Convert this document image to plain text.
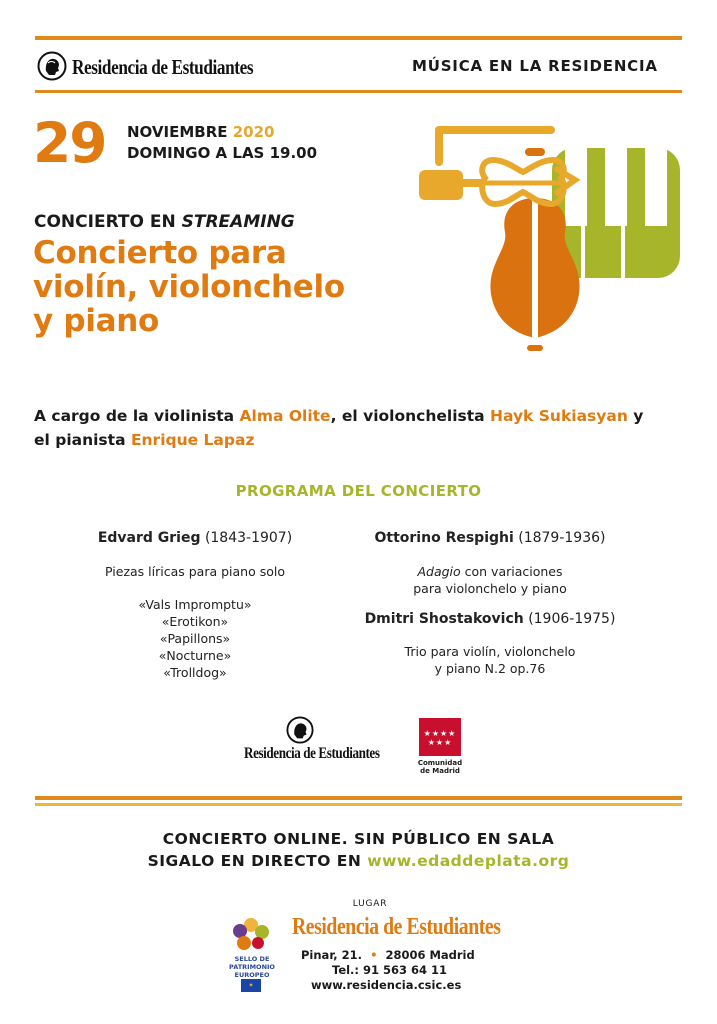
Residencia de Estudiantes	MÚSICA EN LA RESIDENCIA
29 NOVIEMBRE 2020
DOMINGO A LAS 19.00
CONCIERTO EN STREAMING
Concierto para
violín, violonchelo
y piano
A cargo de la violinista Alma Olite, el violonchelista Hayk Sukiasyan y
el pianista Enrique Lapaz
PROGRAMA DEL CONCIERTO
Edvard Grieg (1843-1907)
Piezas líricas para piano solo
«Vals Impromptu»
«Erotikon»
«Papillons»
«Nocturne»
«Trolldog»
Ottorino Respighi (1879-1936)
Adagio con variaciones
para violonchelo y piano
Dmitri Shostakovich (1906-1975)
Trio para violín, violonchelo
y piano N.2 op.76
Residencia de Estudiantes
★★★★
★★★
Comunidad
de Madrid
CONCIERTO ONLINE. SIN PÚBLICO EN SALA
SIGALO EN DIRECTO EN www.edaddeplata.org
LUGAR
SELLO DE
PATRIMONIO EUROPEO
✶
Residencia de Estudiantes
Pinar, 21. • 28006 Madrid
Tel.: 91 563 64 11
www.residencia.csic.es
